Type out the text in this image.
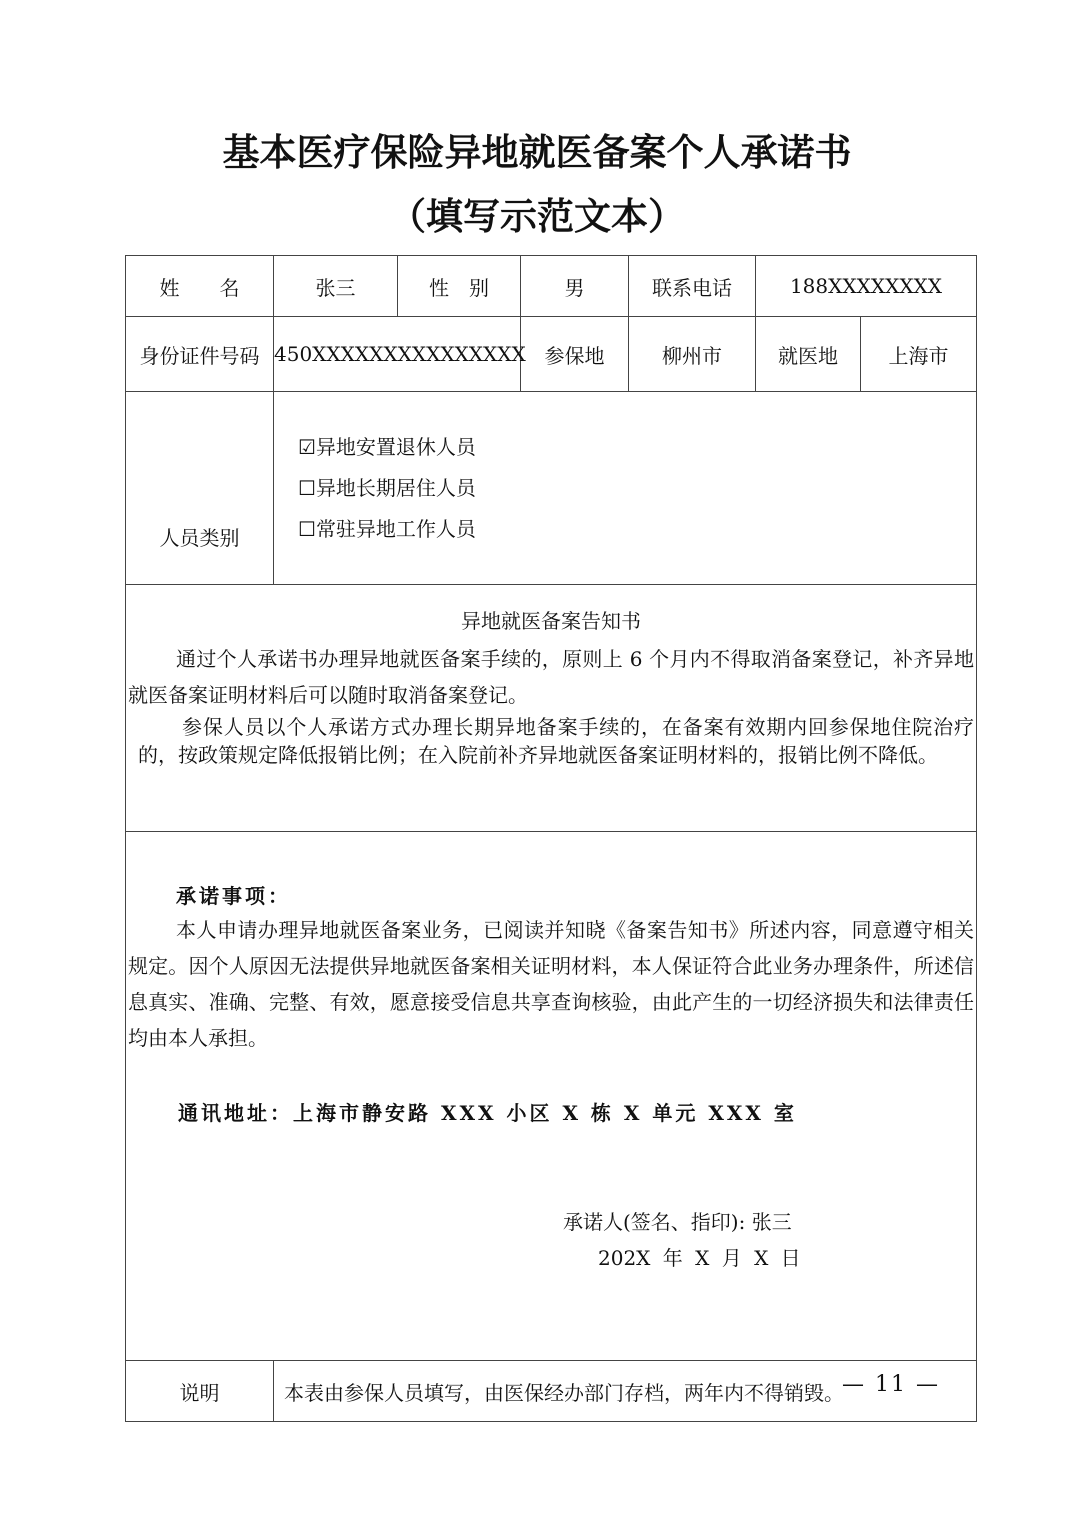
基本医疗保险异地就医备案个人承诺书
（填写示范文本）
姓　　名	张三	性　别	男	联系电话	188XXXXXXXX	
身份证件号码	450XXXXXXXXXXXXXXX		参保地	柳州市	就医地	上海市
人员类别	☑异地安置退休人员
☐异地长期居住人员
☐常驻异地工作人员					

异地就医备案告知书
通过个人承诺书办理异地就医备案手续的，原则上 6 个月内不得取消备案登记，补齐异地就医备案证明材料后可以随时取消备案登记。
参保人员以个人承诺方式办理长期异地备案手续的，在备案有效期内回参保地住院治疗的，按政策规定降低报销比例；在入院前补齐异地就医备案证明材料的，报销比例不降低。						

承诺事项：
本人申请办理异地就医备案业务，已阅读并知晓《备案告知书》所述内容，同意遵守相关规定。因个人原因无法提供异地就医备案相关证明材料，本人保证符合此业务办理条件，所述信息真实、准确、完整、有效，愿意接受信息共享查询核验，由此产生的一切经济损失和法律责任均由本人承担。
通讯地址：上海市静安路 XXX 小区 X 栋 X 单元 XXX 室
承诺人(签名、指印): 张三
202X 年 X 月 X 日						

说明	本表由参保人员填写，由医保经办部门存档，两年内不得销毁。					
— 11 —
